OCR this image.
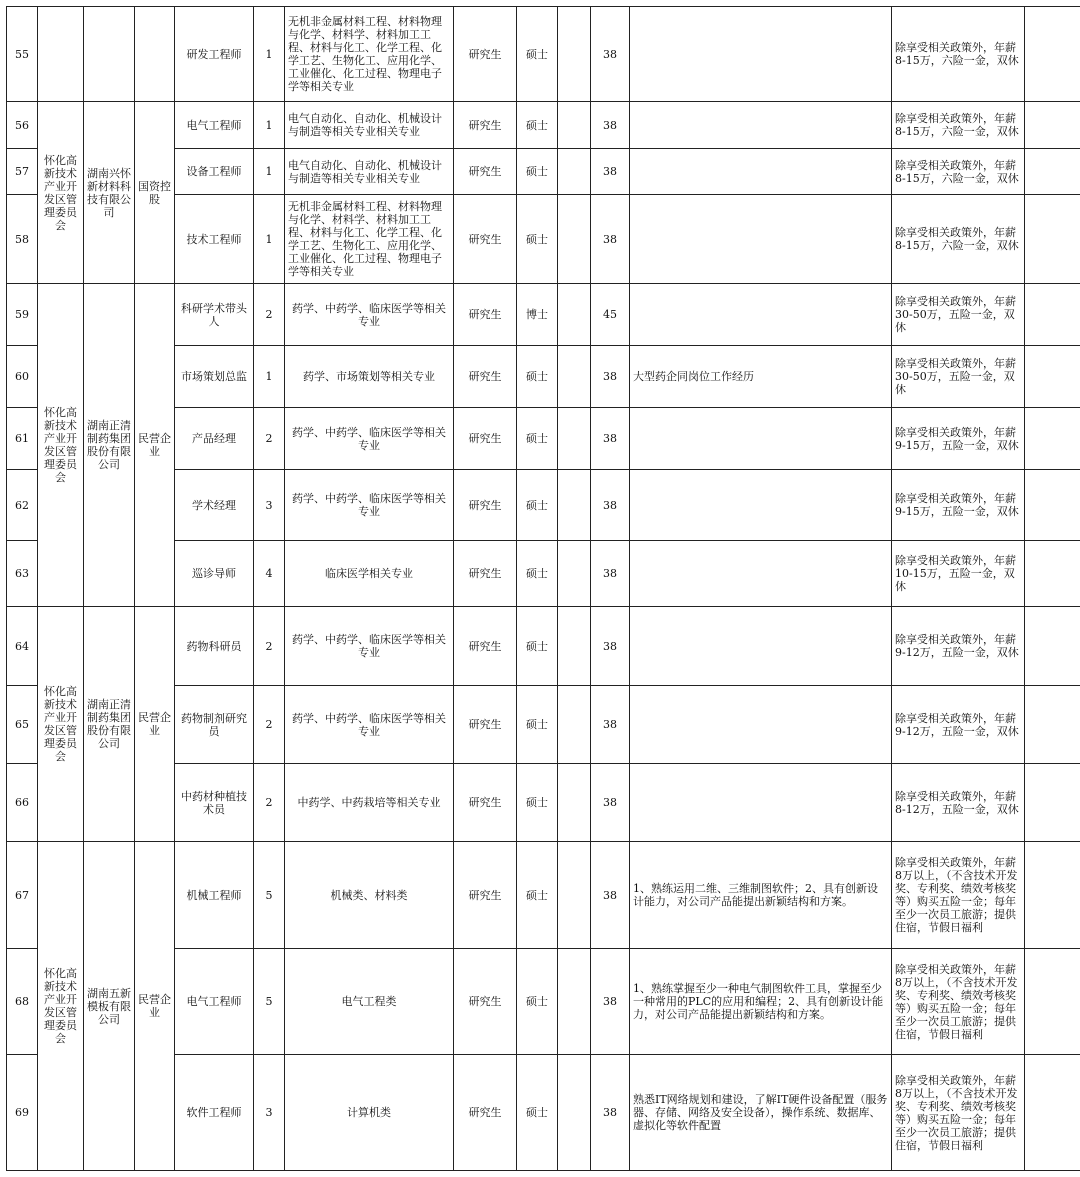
55				研发工程师	1	无机非金属材料工程、材料物理与化学、材料学、材料加工工程、材料与化工、化学工程、化学工艺、生物化工、应用化学、工业催化、化工过程、物理电子学等相关专业	研究生	硕士		38		除享受相关政策外，年薪8-15万，六险一金，双休	
56	怀化高新技术产业开发区管理委员会	湖南兴怀新材料科技有限公司	国资控股	电气工程师	1	电气自动化、自动化、机械设计与制造等相关专业相关专业	研究生	硕士		38		除享受相关政策外，年薪8-15万，六险一金，双休	
57				设备工程师	1	电气自动化、自动化、机械设计与制造等相关专业相关专业	研究生	硕士		38		除享受相关政策外，年薪8-15万，六险一金，双休	
58				技术工程师	1	无机非金属材料工程、材料物理与化学、材料学、材料加工工程、材料与化工、化学工程、化学工艺、生物化工、应用化学、工业催化、化工过程、物理电子学等相关专业	研究生	硕士		38		除享受相关政策外，年薪8-15万，六险一金，双休	
59	怀化高新技术产业开发区管理委员会	湖南正清制药集团股份有限公司	民营企业	科研学术带头人	2	药学、中药学、临床医学等相关专业	研究生	博士		45		除享受相关政策外，年薪30-50万，五险一金，双休	
60				市场策划总监	1	药学、市场策划等相关专业	研究生	硕士		38	大型药企同岗位工作经历	除享受相关政策外，年薪30-50万，五险一金，双休	
61				产品经理	2	药学、中药学、临床医学等相关专业	研究生	硕士		38		除享受相关政策外，年薪9-15万，五险一金，双休	
62				学术经理	3	药学、中药学、临床医学等相关专业	研究生	硕士		38		除享受相关政策外，年薪9-15万，五险一金，双休	
63				巡诊导师	4	临床医学相关专业	研究生	硕士		38		除享受相关政策外，年薪10-15万，五险一金，双休	
64	怀化高新技术产业开发区管理委员会	湖南正清制药集团股份有限公司	民营企业	药物科研员	2	药学、中药学、临床医学等相关专业	研究生	硕士		38		除享受相关政策外，年薪9-12万，五险一金，双休	
65				药物制剂研究员	2	药学、中药学、临床医学等相关专业	研究生	硕士		38		除享受相关政策外，年薪9-12万，五险一金，双休	
66				中药材种植技术员	2	中药学、中药栽培等相关专业	研究生	硕士		38		除享受相关政策外，年薪8-12万，五险一金，双休	
67	怀化高新技术产业开发区管理委员会	湖南五新模板有限公司	民营企业	机械工程师	5	机械类、材料类	研究生	硕士		38	1、熟练运用二维、三维制图软件；2、具有创新设计能力，对公司产品能提出新颖结构和方案。	除享受相关政策外，年薪8万以上，（不含技术开发奖、专利奖、绩效考核奖等）购买五险一金；每年至少一次员工旅游；提供住宿，节假日福利	
68				电气工程师	5	电气工程类	研究生	硕士		38	1、熟练掌握至少一种电气制图软件工具，掌握至少一种常用的PLC的应用和编程；2、具有创新设计能力，对公司产品能提出新颖结构和方案。	除享受相关政策外，年薪8万以上，（不含技术开发奖、专利奖、绩效考核奖等）购买五险一金；每年至少一次员工旅游；提供住宿，节假日福利	
69				软件工程师	3	计算机类	研究生	硕士		38	熟悉IT网络规划和建设，了解IT硬件设备配置（服务器、存储、网络及安全设备），操作系统、数据库、虚拟化等软件配置	除享受相关政策外，年薪8万以上，（不含技术开发奖、专利奖、绩效考核奖等）购买五险一金；每年至少一次员工旅游；提供住宿，节假日福利	
